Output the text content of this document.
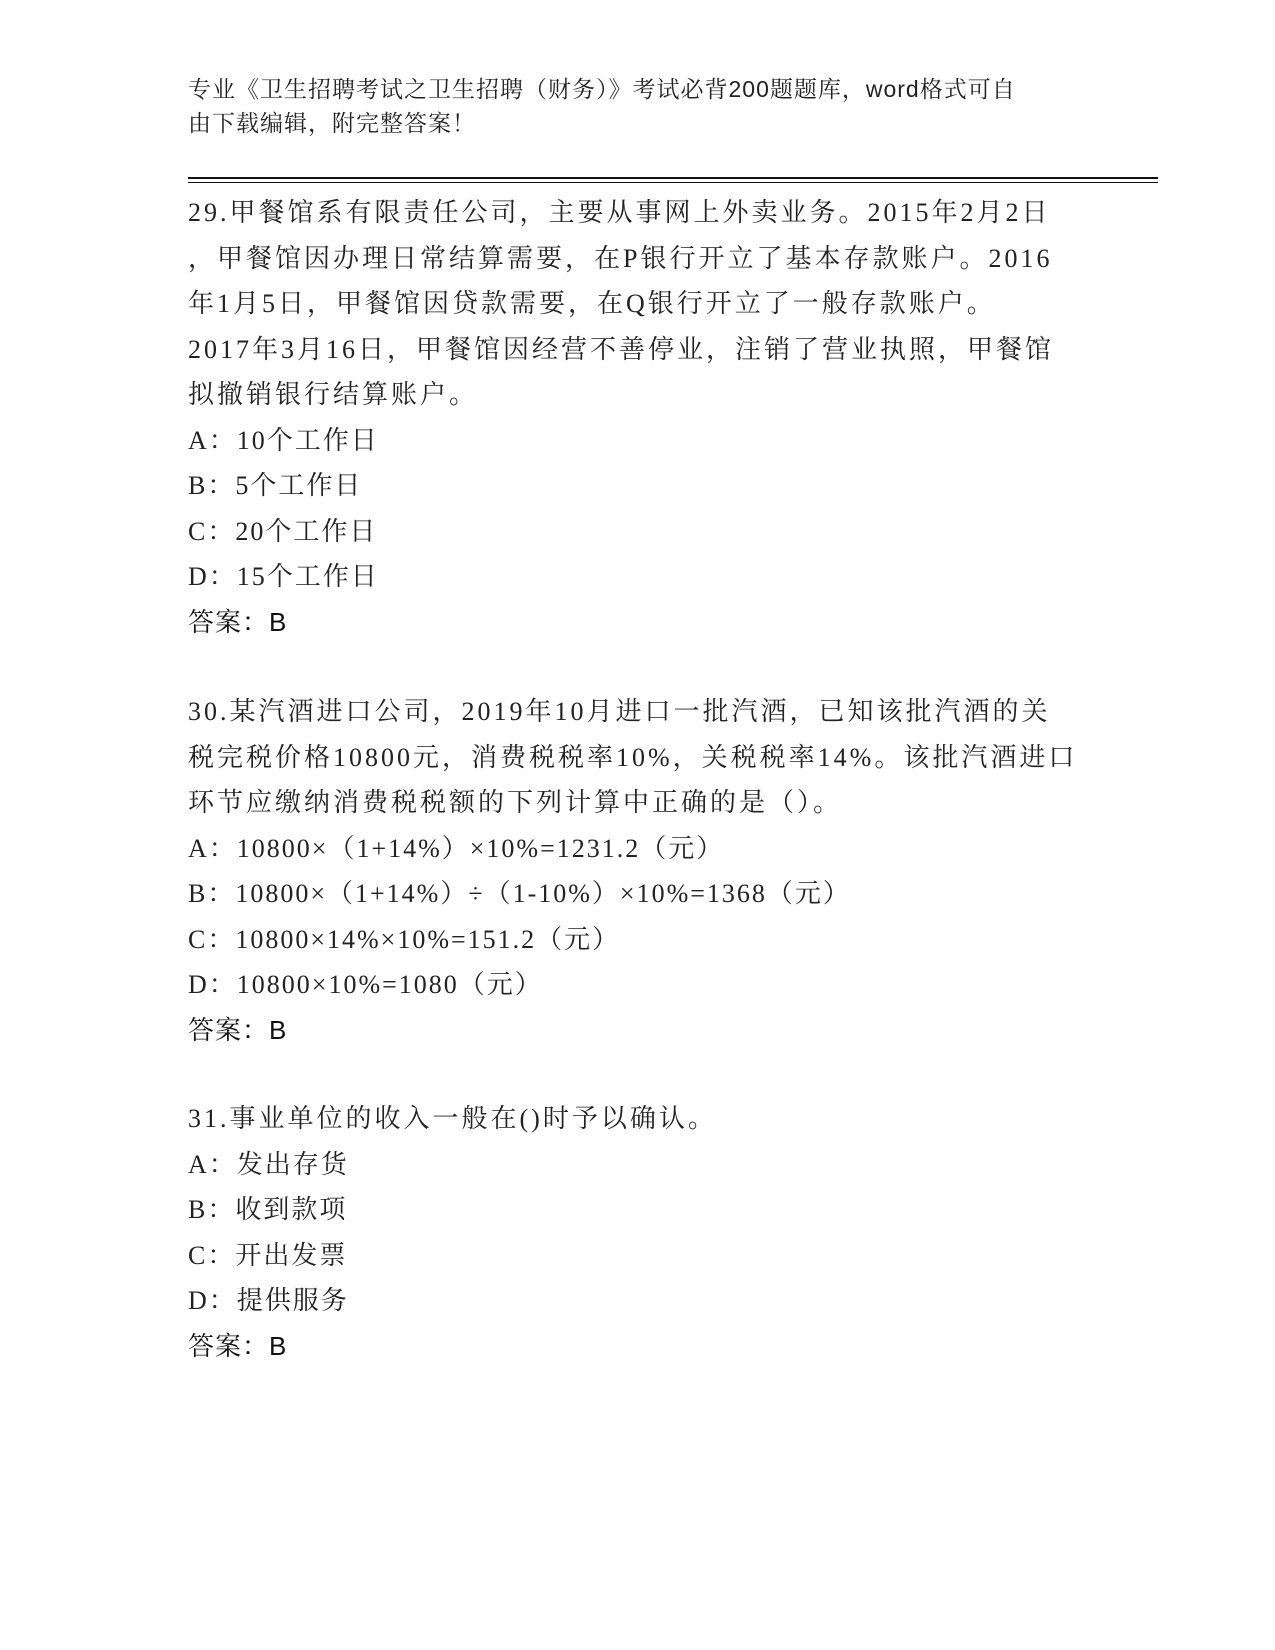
专业《卫生招聘考试之卫生招聘（财务）》考试必背200题题库，word格式可自
由下载编辑，附完整答案！

29.甲餐馆系有限责任公司，主要从事网上外卖业务。2015年2月2日
，甲餐馆因办理日常结算需要，在P银行开立了基本存款账户。2016
年1月5日，甲餐馆因贷款需要，在Q银行开立了一般存款账户。
2017年3月16日，甲餐馆因经营不善停业，注销了营业执照，甲餐馆
拟撤销银行结算账户。

A：10个工作日
B：5个工作日
C：20个工作日
D：15个工作日

答案：B

30.某汽酒进口公司，2019年10月进口一批汽酒，已知该批汽酒的关
税完税价格10800元，消费税税率10%，关税税率14%。该批汽酒进口
环节应缴纳消费税税额的下列计算中正确的是（）。

A：10800×（1+14%）×10%=1231.2（元）
B：10800×（1+14%）÷（1-10%）×10%=1368（元）
C：10800×14%×10%=151.2（元）
D：10800×10%=1080（元）

答案：B

31.事业单位的收入一般在()时予以确认。

A：发出存货
B：收到款项
C：开出发票
D：提供服务

答案：B
